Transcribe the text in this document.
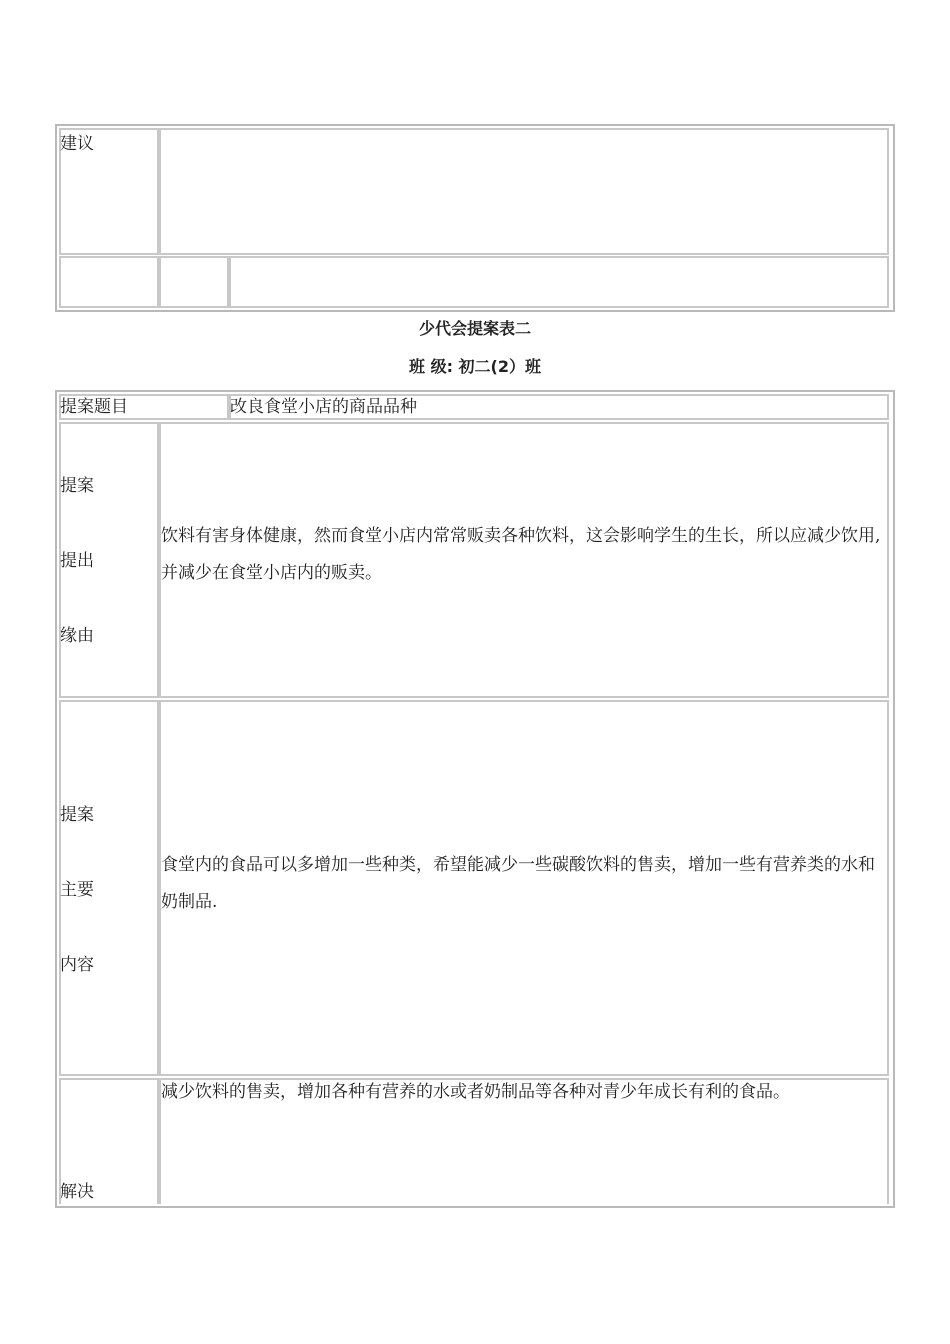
建议
少代会提案表二
班 级: 初二(2）班
提案题目	改良食堂小店的商品品种
提案
提出
缘由
饮料有害身体健康，然而食堂小店内常常贩卖各种饮料，这会影响学生的生长，所以应减少饮用,并减少在食堂小店内的贩卖。
提案
主要
内容
食堂内的食品可以多增加一些种类，希望能减少一些碳酸饮料的售卖，增加一些有营养类的水和奶制品.
解决
减少饮料的售卖，增加各种有营养的水或者奶制品等各种对青少年成长有利的食品。
